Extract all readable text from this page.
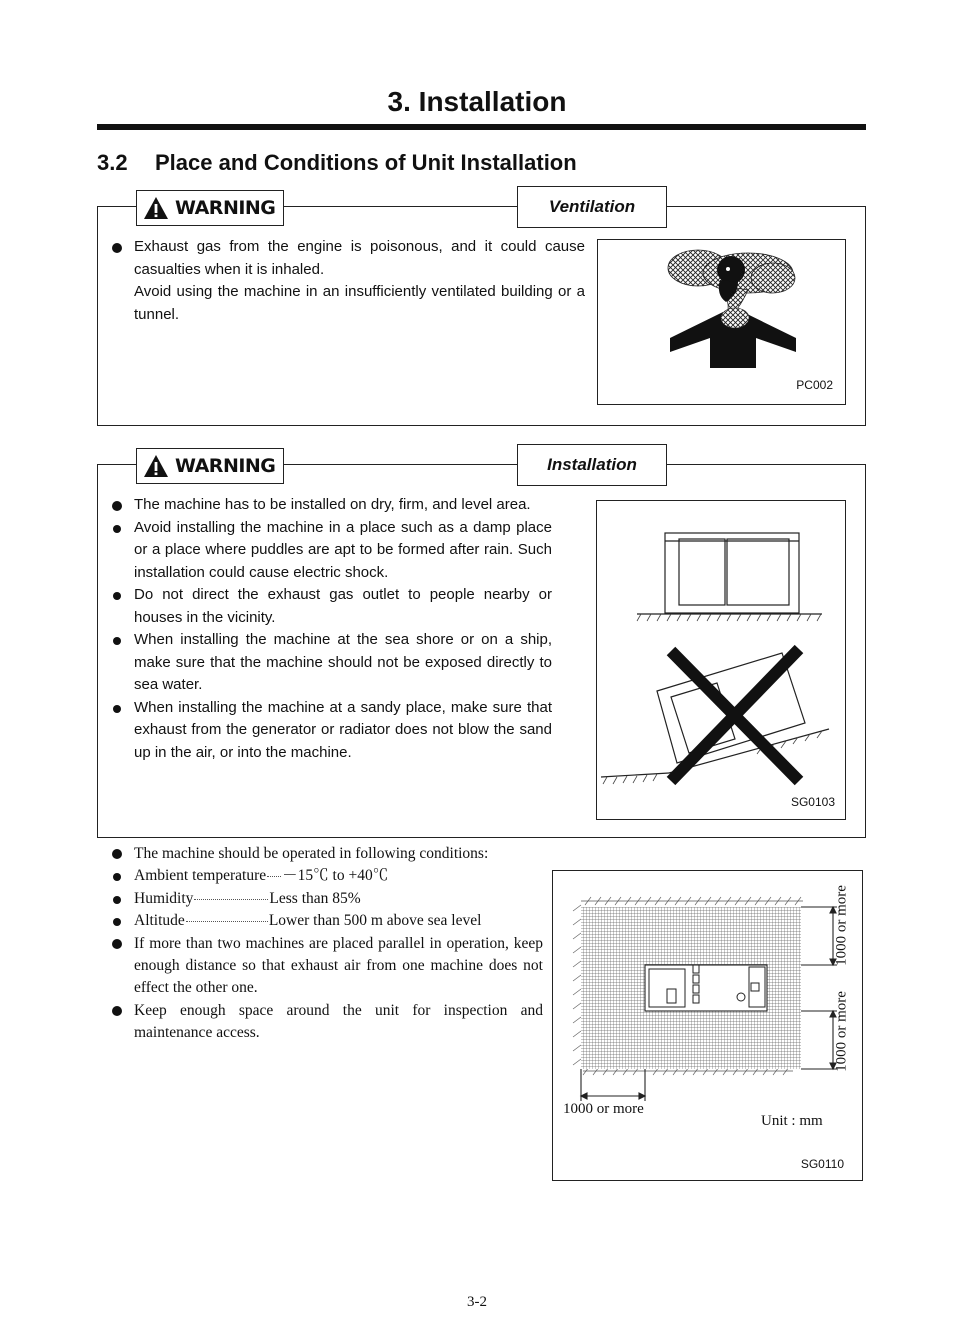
3. Installation
3.2 Place and Conditions of Unit Installation
WARNING	Ventilation
Exhaust gas from the engine is poisonous, and it could cause casualties when it is inhaled.
Avoid using the machine in an insufficiently ventilated building or a tunnel.
PC002
WARNING	Installation
The machine has to be installed on dry, firm, and level area.
Avoid installing the machine in a place such as a damp place or a place where puddles are apt to be formed after rain. Such installation could cause electric shock.
Do not direct the exhaust gas outlet to people nearby or houses in the vicinity.
When installing the machine at the sea shore or on a ship, make sure that the machine should not be exposed directly to sea water.
When installing the machine at a sandy place, make sure that exhaust from the generator or radiator does not blow the sand up in the air, or into the machine.
SG0103
The machine should be operated in following conditions:
Ambient temperature －15℃ to +40℃
Humidity	Less than 85%
Altitude	Lower than 500 m above sea level
If more than two machines are placed parallel in operation, keep enough distance so that exhaust air from one machine does not effect the other one.
Keep enough space around the unit for inspection and maintenance access.
1000 or more
1000 or more
1000 or more
Unit : mm
SG0110
3-2
